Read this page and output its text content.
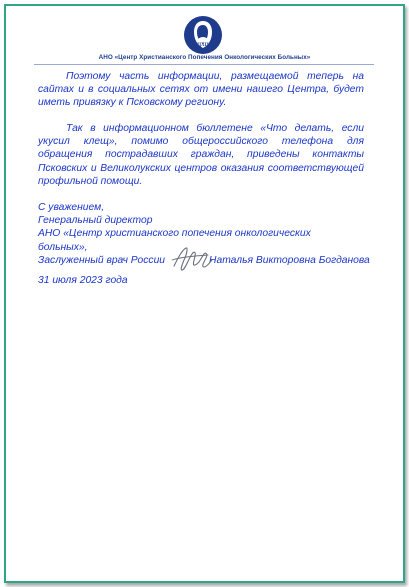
ЦХП
АНО «Центр Христианского Попечения Онкологических Больных»
Поэтому часть информации, размещаемой теперь на сайтах и в социальных сетях от имени нашего Центра, будет иметь привязку к Псковскому региону.
Так в информационном бюллетене «Что делать, если укусил клещ», помимо общероссийского телефона для обращения пострадавших граждан, приведены контакты Псковских и Великолукских центров оказания соответствующей профильной помощи.
С уважением,
Генеральный директор
АНО «Центр христианского попечения онкологических
больных»,
Заслуженный врач России	Наталья Викторовна Богданова
31 июля 2023 года
